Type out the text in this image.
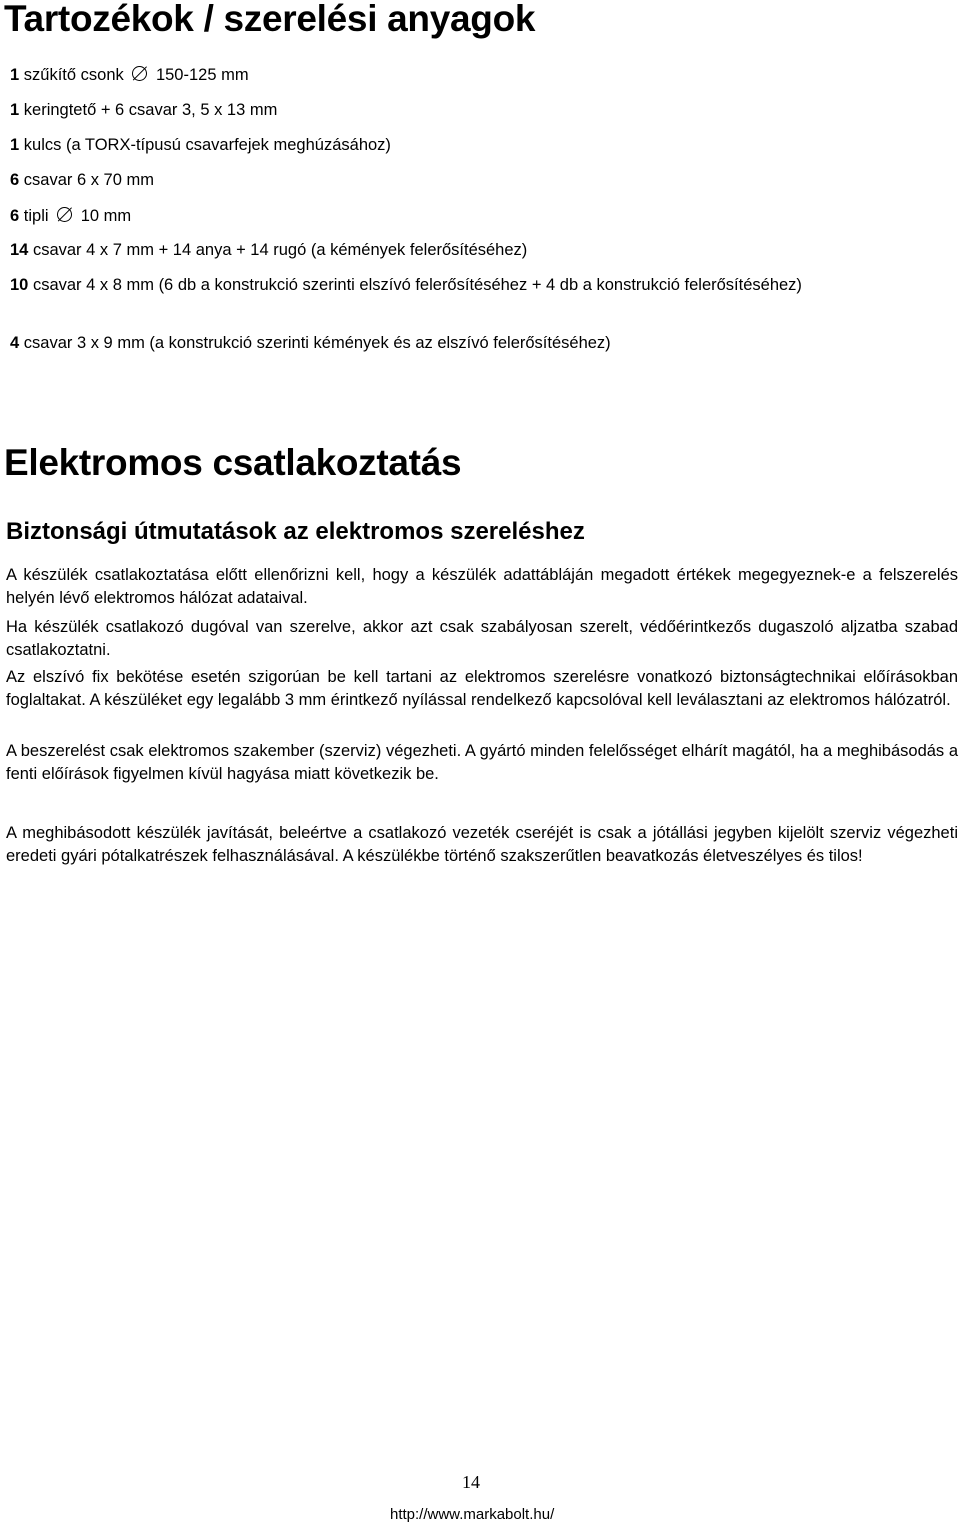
Tartozékok / szerelési anyagok
1 szűkítő csonk 150-125 mm
1 keringtető + 6 csavar 3, 5 x 13 mm
1 kulcs (a TORX-típusú csavarfejek meghúzásához)
6 csavar 6 x 70 mm
6 tipli 10 mm
14 csavar 4 x 7 mm + 14 anya + 14 rugó (a kémények felerősítéséhez)
10 csavar 4 x 8 mm (6 db a konstrukció szerinti elszívó felerősítéséhez + 4 db a konstrukció felerősítéséhez)
4 csavar 3 x 9 mm (a konstrukció szerinti kémények és az elszívó felerősítéséhez)
Elektromos csatlakoztatás
Biztonsági útmutatások az elektromos szereléshez

A készülék csatlakoztatása előtt ellenőrizni kell, hogy a készülék adattábláján megadott értékek megegyeznek-e a felszerelés helyén lévő elektromos hálózat adataival.

Ha készülék csatlakozó dugóval van szerelve, akkor azt csak szabályosan szerelt, védőérintkezős dugaszoló aljzatba szabad csatlakoztatni.

Az elszívó fix bekötése esetén szigorúan be kell tartani az elektromos szerelésre vonatkozó biztonságtechnikai előírásokban foglaltakat. A készüléket egy legalább 3 mm érintkező nyílással rendelkező kapcsolóval kell leválasztani az elektromos hálózatról.

A beszerelést csak elektromos szakember (szerviz) végezheti. A gyártó minden felelősséget elhárít magától, ha a meghibásodás a fenti előírások figyelmen kívül hagyása miatt következik be.

A meghibásodott készülék javítását, beleértve a csatlakozó vezeték cseréjét is csak a jótállási jegyben kijelölt szerviz végezheti eredeti gyári pótalkatrészek felhasználásával. A készülékbe történő szakszerűtlen beavatkozás életveszélyes és tilos!

14
http://www.markabolt.hu/
